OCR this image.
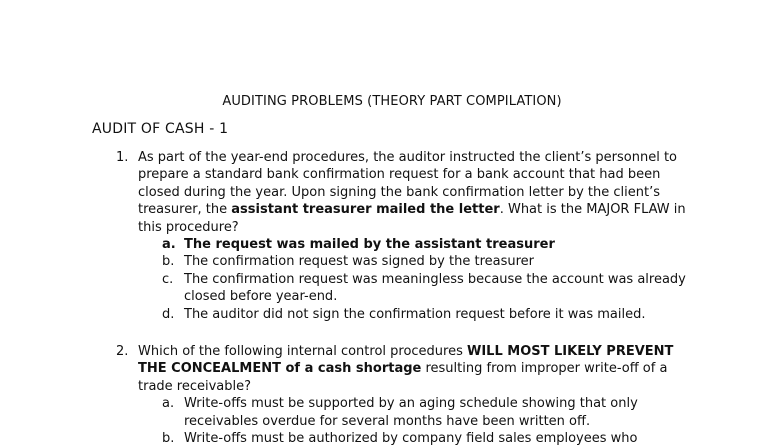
AUDITING PROBLEMS (THEORY PART COMPILATION)
AUDIT OF CASH - 1
1. As part of the year-end procedures, the auditor instructed the client’s personnel to prepare a standard bank confirmation request for a bank account that had been closed during the year. Upon signing the bank confirmation letter by the client’s treasurer, the assistant treasurer mailed the letter. What is the MAJOR FLAW in this procedure?
a. The request was mailed by the assistant treasurer
b. The confirmation request was signed by the treasurer
c. The confirmation request was meaningless because the account was already closed before year-end.
d. The auditor did not sign the confirmation request before it was mailed.
2. Which of the following internal control procedures WILL MOST LIKELY PREVENT THE CONCEALMENT of a cash shortage resulting from improper write-off of a trade receivable?
a. Write-offs must be supported by an aging schedule showing that only receivables overdue for several months have been written off.
b. Write-offs must be authorized by company field sales employees who
